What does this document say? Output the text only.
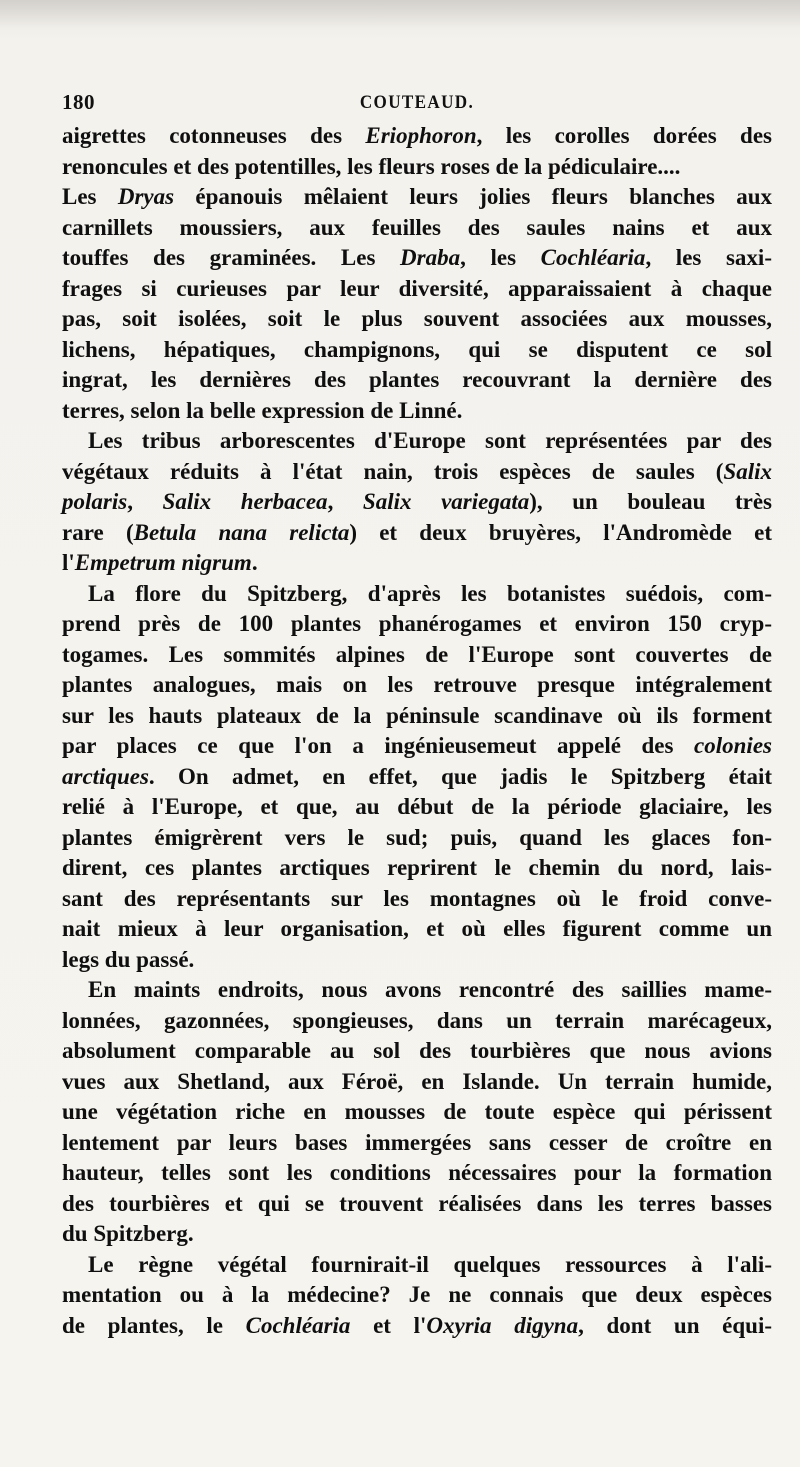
180	COUTEAUD.
aigrettes cotonneuses des Eriophoron, les corolles dorées des
renoncules et des potentilles, les fleurs roses de la pédiculaire....
Les Dryas épanouis mêlaient leurs jolies fleurs blanches aux
carnillets moussiers, aux feuilles des saules nains et aux
touffes des graminées. Les Draba, les Cochléaria, les saxi-
frages si curieuses par leur diversité, apparaissaient à chaque
pas, soit isolées, soit le plus souvent associées aux mousses,
lichens, hépatiques, champignons, qui se disputent ce sol
ingrat, les dernières des plantes recouvrant la dernière des
terres, selon la belle expression de Linné.
Les tribus arborescentes d'Europe sont représentées par des
végétaux réduits à l'état nain, trois espèces de saules (Salix
polaris, Salix herbacea, Salix variegata), un bouleau très
rare (Betula nana relicta) et deux bruyères, l'Andromède et
l'Empetrum nigrum.
La flore du Spitzberg, d'après les botanistes suédois, com-
prend près de 100 plantes phanérogames et environ 150 cryp-
togames. Les sommités alpines de l'Europe sont couvertes de
plantes analogues, mais on les retrouve presque intégralement
sur les hauts plateaux de la péninsule scandinave où ils forment
par places ce que l'on a ingénieusemeut appelé des colonies
arctiques. On admet, en effet, que jadis le Spitzberg était
relié à l'Europe, et que, au début de la période glaciaire, les
plantes émigrèrent vers le sud; puis, quand les glaces fon-
dirent, ces plantes arctiques reprirent le chemin du nord, lais-
sant des représentants sur les montagnes où le froid conve-
nait mieux à leur organisation, et où elles figurent comme un
legs du passé.
En maints endroits, nous avons rencontré des saillies mame-
lonnées, gazonnées, spongieuses, dans un terrain marécageux,
absolument comparable au sol des tourbières que nous avions
vues aux Shetland, aux Féroë, en Islande. Un terrain humide,
une végétation riche en mousses de toute espèce qui périssent
lentement par leurs bases immergées sans cesser de croître en
hauteur, telles sont les conditions nécessaires pour la formation
des tourbières et qui se trouvent réalisées dans les terres basses
du Spitzberg.
Le règne végétal fournirait-il quelques ressources à l'ali-
mentation ou à la médecine? Je ne connais que deux espèces
de plantes, le Cochléaria et l'Oxyria digyna, dont un équi-
